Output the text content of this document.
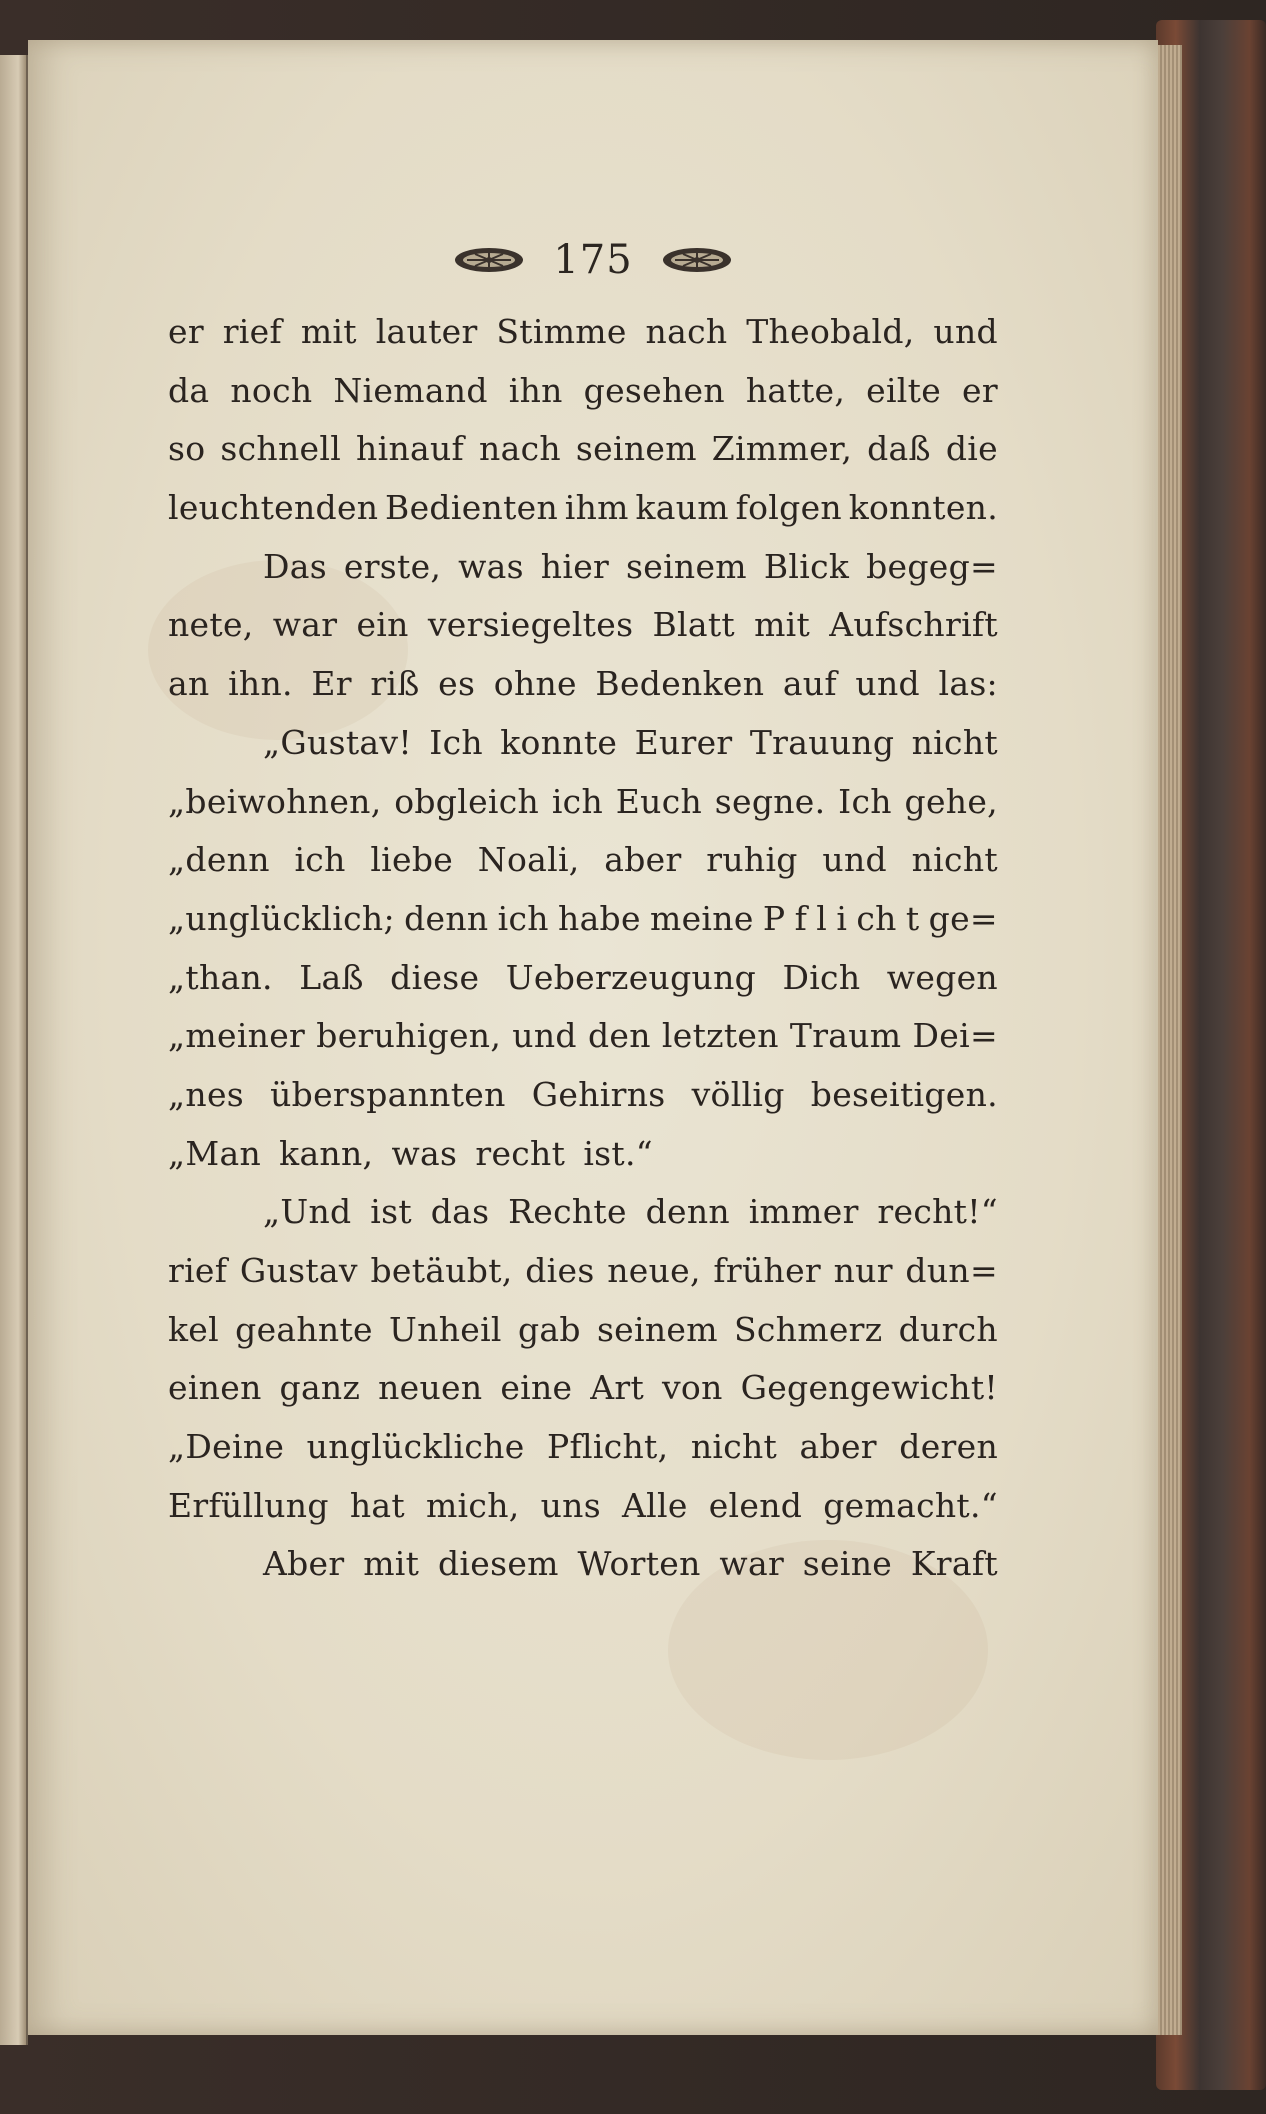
175
er rief mit lauter Stimme nach Theobald, und
da noch Niemand ihn gesehen hatte, eilte er
so schnell hinauf nach seinem Zimmer, daß die
leuchtenden Bedienten ihm kaum folgen konnten.
Das erste, was hier seinem Blick begeg=
nete, war ein versiegeltes Blatt mit Aufschrift
an ihn. Er riß es ohne Bedenken auf und las:
„Gustav! Ich konnte Eurer Trauung nicht
„beiwohnen, obgleich ich Euch segne. Ich gehe,
„denn ich liebe Noali, aber ruhig und nicht
„unglücklich; denn ich habe meine P f l i ch t ge=
„than. Laß diese Ueberzeugung Dich wegen
„meiner beruhigen, und den letzten Traum Dei=
„nes überspannten Gehirns völlig beseitigen.
„Man kann, was recht ist.“
„Und ist das Rechte denn immer recht!“
rief Gustav betäubt, dies neue, früher nur dun=
kel geahnte Unheil gab seinem Schmerz durch
einen ganz neuen eine Art von Gegengewicht!
„Deine unglückliche Pflicht, nicht aber deren
Erfüllung hat mich, uns Alle elend gemacht.“
Aber mit diesem Worten war seine Kraft
